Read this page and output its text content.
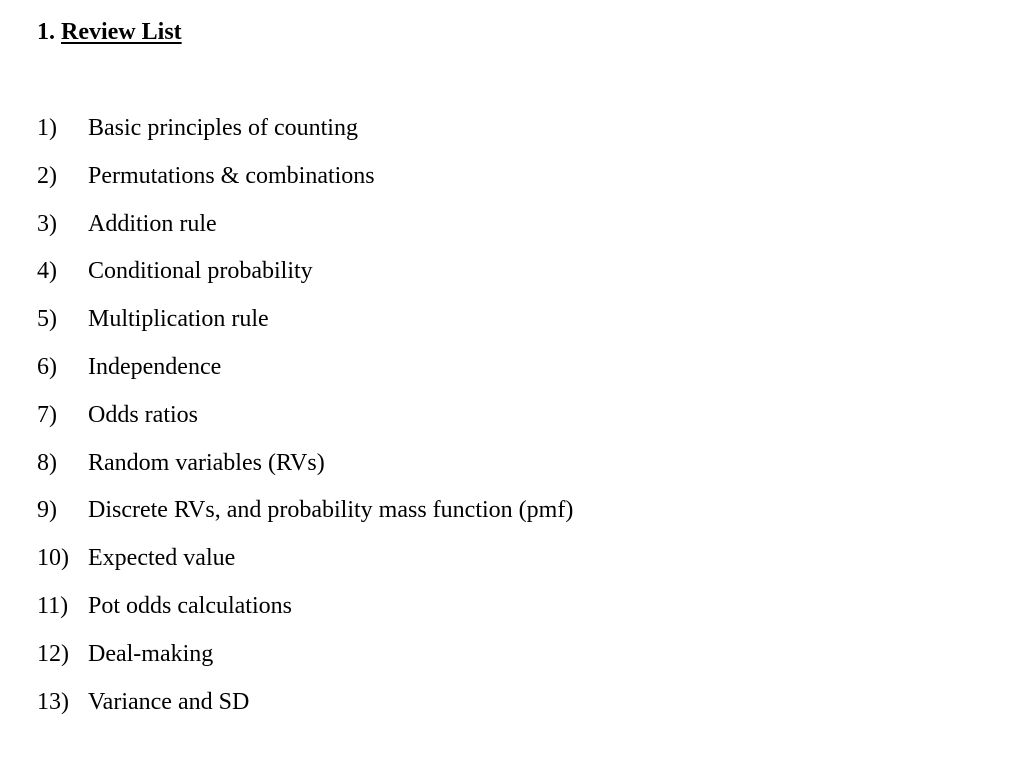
1. Review List
1) Basic principles of counting
2) Permutations & combinations
3) Addition rule
4) Conditional probability
5) Multiplication rule
6) Independence
7) Odds ratios
8) Random variables (RVs)
9) Discrete RVs, and probability mass function (pmf)
10) Expected value
11) Pot odds calculations
12) Deal-making
13) Variance and SD
